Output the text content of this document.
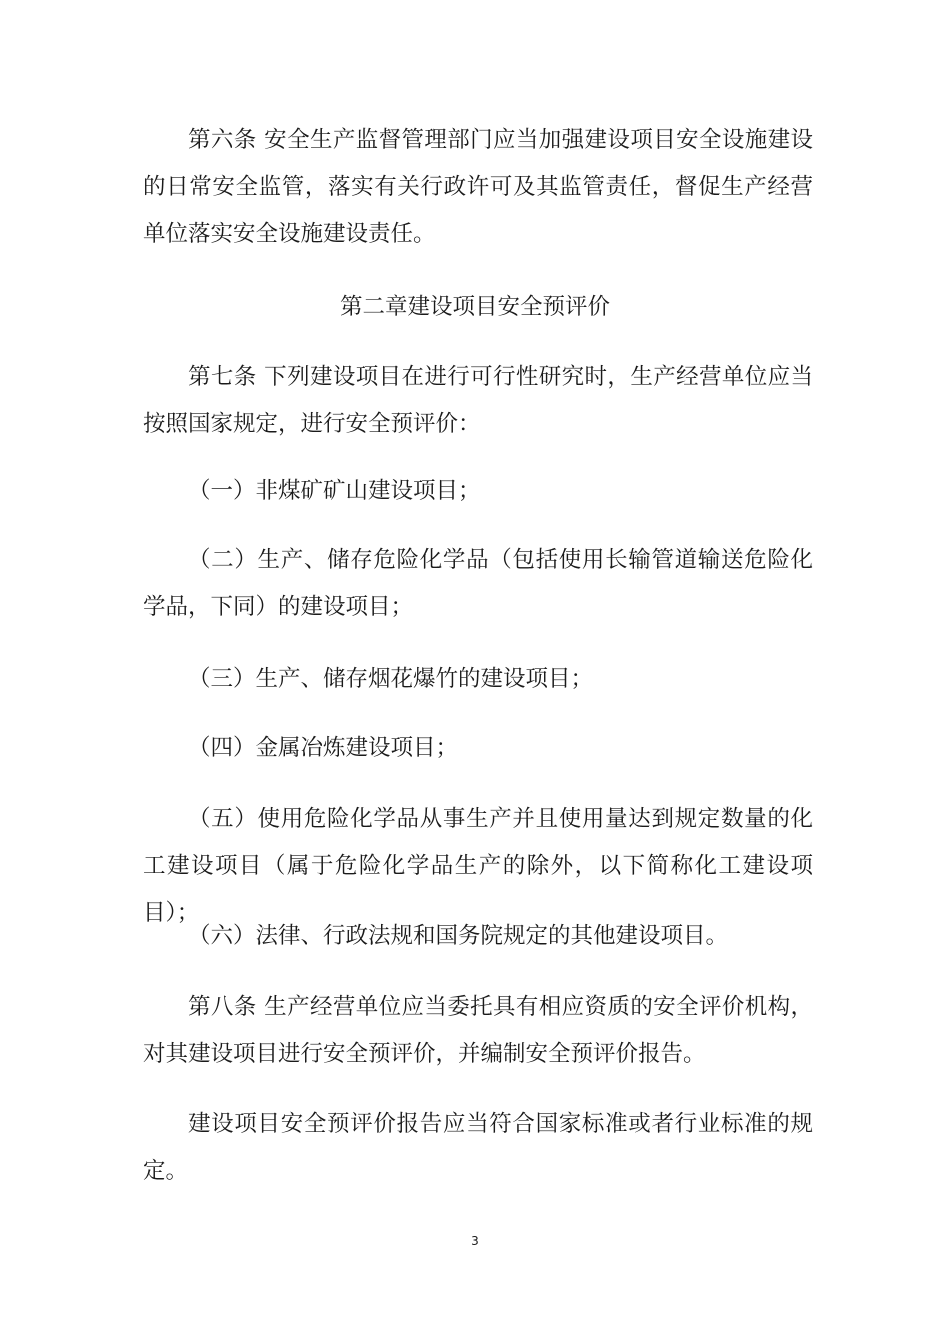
第六条 安全生产监督管理部门应当加强建设项目安全设施建设的日常安全监管，落实有关行政许可及其监管责任，督促生产经营单位落实安全设施建设责任。

第二章建设项目安全预评价

第七条 下列建设项目在进行可行性研究时，生产经营单位应当按照国家规定，进行安全预评价：

（一）非煤矿矿山建设项目；

（二）生产、储存危险化学品（包括使用长输管道输送危险化学品，下同）的建设项目；

（三）生产、储存烟花爆竹的建设项目；

（四）金属冶炼建设项目；

（五）使用危险化学品从事生产并且使用量达到规定数量的化工建设项目（属于危险化学品生产的除外，以下简称化工建设项目）；

（六）法律、行政法规和国务院规定的其他建设项目。

第八条 生产经营单位应当委托具有相应资质的安全评价机构，对其建设项目进行安全预评价，并编制安全预评价报告。

建设项目安全预评价报告应当符合国家标准或者行业标准的规定。

3
